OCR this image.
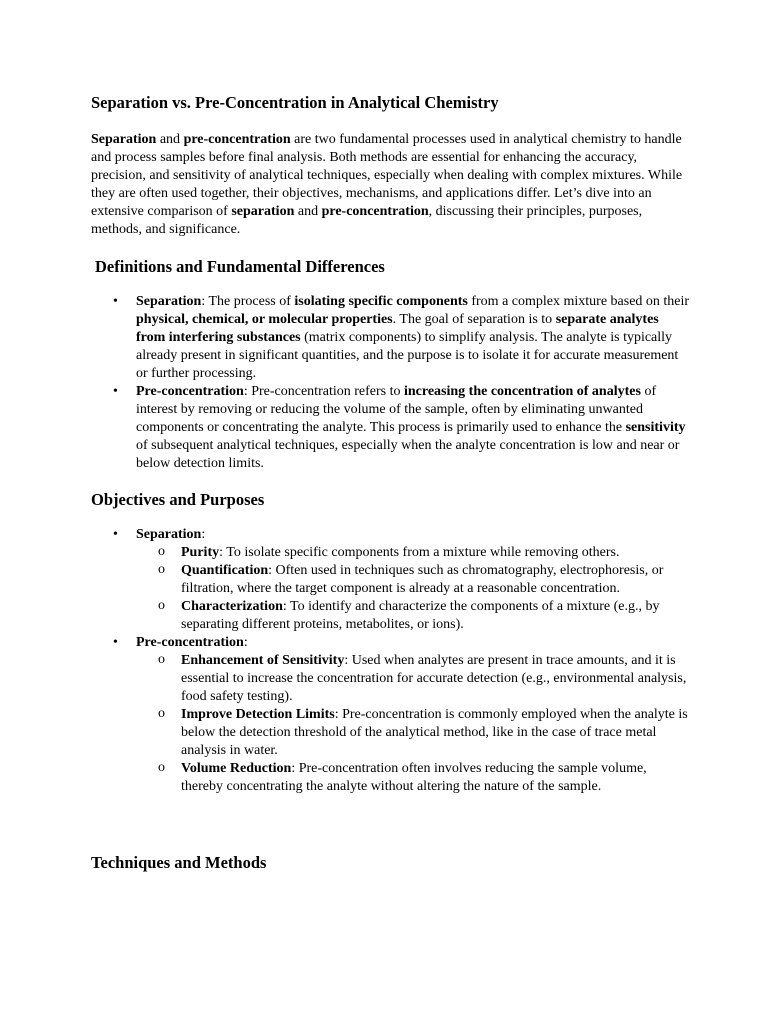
Separation vs. Pre-Concentration in Analytical Chemistry

Separation and pre-concentration are two fundamental processes used in analytical chemistry to handle and process samples before final analysis. Both methods are essential for enhancing the accuracy, precision, and sensitivity of analytical techniques, especially when dealing with complex mixtures. While they are often used together, their objectives, mechanisms, and applications differ. Let’s dive into an extensive comparison of separation and pre-concentration, discussing their principles, purposes, methods, and significance.

Definitions and Fundamental Differences
• Separation: The process of isolating specific components from a complex mixture based on their physical, chemical, or molecular properties. The goal of separation is to separate analytes from interfering substances (matrix components) to simplify analysis. The analyte is typically already present in significant quantities, and the purpose is to isolate it for accurate measurement or further processing.
• Pre-concentration: Pre-concentration refers to increasing the concentration of analytes of interest by removing or reducing the volume of the sample, often by eliminating unwanted components or concentrating the analyte. This process is primarily used to enhance the sensitivity of subsequent analytical techniques, especially when the analyte concentration is low and near or below detection limits.
Objectives and Purposes
• Separation:
o Purity: To isolate specific components from a mixture while removing others.
o Quantification: Often used in techniques such as chromatography, electrophoresis, or filtration, where the target component is already at a reasonable concentration.
o Characterization: To identify and characterize the components of a mixture (e.g., by separating different proteins, metabolites, or ions).
• Pre-concentration:
o Enhancement of Sensitivity: Used when analytes are present in trace amounts, and it is essential to increase the concentration for accurate detection (e.g., environmental analysis, food safety testing).
o Improve Detection Limits: Pre-concentration is commonly employed when the analyte is below the detection threshold of the analytical method, like in the case of trace metal analysis in water.
o Volume Reduction: Pre-concentration often involves reducing the sample volume, thereby concentrating the analyte without altering the nature of the sample.
Techniques and Methods
